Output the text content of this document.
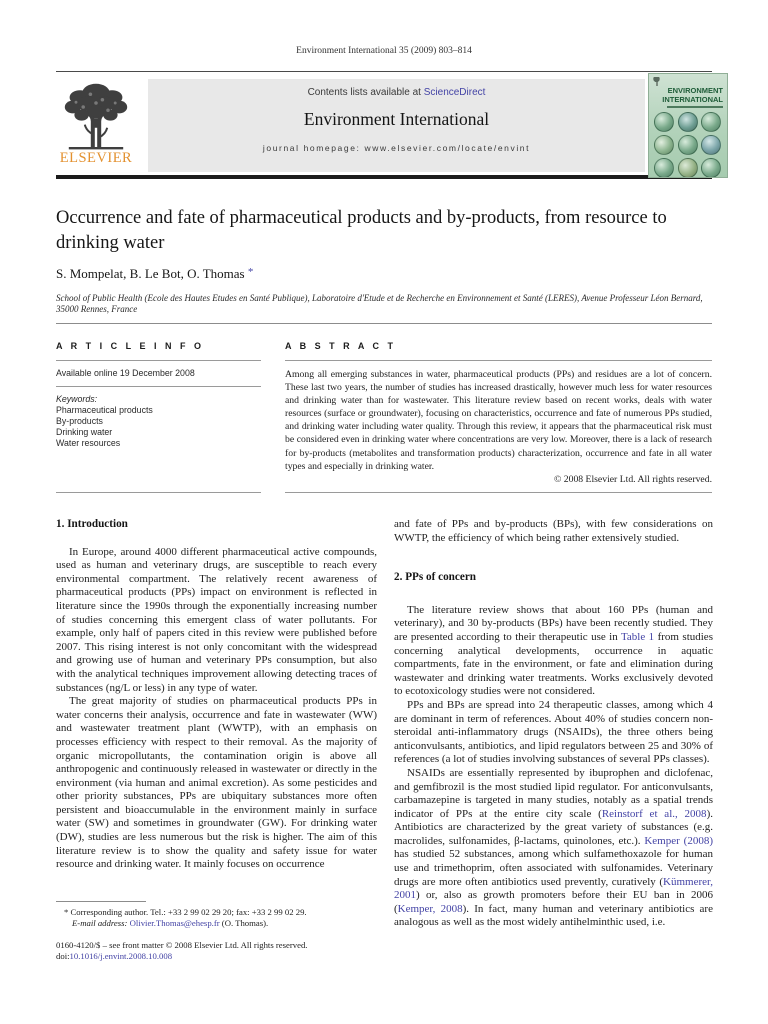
Environment International 35 (2009) 803–814
ELSEVIER
Contents lists available at ScienceDirect
Environment International
journal homepage: www.elsevier.com/locate/envint
ENVIRONMENT
INTERNATIONAL
Occurrence and fate of pharmaceutical products and by-products, from resource to drinking water
S. Mompelat, B. Le Bot, O. Thomas *
School of Public Health (Ecole des Hautes Etudes en Santé Publique), Laboratoire d'Etude et de Recherche en Environnement et Santé (LERES), Avenue Professeur Léon Bernard, 35000 Rennes, France
A R T I C L E I N F O
Available online 19 December 2008
Keywords:
Pharmaceutical products
By-products
Drinking water
Water resources
A B S T R A C T
Among all emerging substances in water, pharmaceutical products (PPs) and residues are a lot of concern. These last two years, the number of studies has increased drastically, however much less for water resources and drinking water than for wastewater. This literature review based on recent works, deals with water resources (surface or groundwater), focusing on characteristics, occurrence and fate of numerous PPs studied, and drinking water including water quality. Through this review, it appears that the pharmaceutical risk must be considered even in drinking water where concentrations are very low. Moreover, there is a lack of research for by-products (metabolites and transformation products) characterization, occurrence and fate in all water types and especially in drinking water.
© 2008 Elsevier Ltd. All rights reserved.
1. Introduction
In Europe, around 4000 different pharmaceutical active compounds, used as human and veterinary drugs, are susceptible to reach every environmental compartment. The relatively recent awareness of pharmaceutical products (PPs) impact on environment is reflected in literature since the 1990s through the exponentially increasing number of studies concerning this emergent class of water pollutants. For example, only half of papers cited in this review were published before 2007. This rising interest is not only concomitant with the widespread and growing use of human and veterinary PPs consumption, but also with the analytical techniques improvement allowing detecting traces of substances (ng/L or less) in any type of water.
The great majority of studies on pharmaceutical products PPs in water concerns their analysis, occurrence and fate in wastewater (WW) and wastewater treatment plant (WWTP), with an emphasis on processes efficiency with respect to their removal. As the majority of organic micropollutants, the contamination origin is above all anthropogenic and continuously released in wastewater or directly in the environment (via human and animal excretion). As some pesticides and other priority substances, PPs are ubiquitary substances more often persistent and bioaccumulable in the environment mainly in surface water (SW) and sometimes in groundwater (GW). For drinking water (DW), studies are less numerous but the risk is higher. The aim of this literature review is to show the quality and safety issue for water resource and drinking water. It mainly focuses on occurrence
and fate of PPs and by-products (BPs), with few considerations on WWTP, the efficiency of which being rather extensively studied.
2. PPs of concern
The literature review shows that about 160 PPs (human and veterinary), and 30 by-products (BPs) have been recently studied. They are presented according to their therapeutic use in Table 1 from studies concerning analytical developments, occurrence in aquatic compartments, fate in the environment, or fate and elimination during wastewater and drinking water treatments. Works exclusively devoted to ecotoxicology studies were not considered.
PPs and BPs are spread into 24 therapeutic classes, among which 4 are dominant in term of references. About 40% of studies concern non-steroidal anti-inflammatory drugs (NSAIDs), the three others being anticonvulsants, antibiotics, and lipid regulators between 25 and 30% of references (a lot of studies involving substances of several PPs classes).
NSAIDs are essentially represented by ibuprophen and diclofenac, and gemfibrozil is the most studied lipid regulator. For anticonvulsants, carbamazepine is targeted in many studies, notably as a spatial trends indicator of PPs at the entire city scale (Reinstorf et al., 2008). Antibiotics are characterized by the great variety of substances (e.g. macrolides, sulfonamides, β-lactams, quinolones, etc.). Kemper (2008) has studied 52 substances, among which sulfamethoxazole for human use and trimethoprim, often associated with sulfonamides. Veterinary drugs are more often antibiotics used prevently, curatively (Kümmerer, 2001) or, also as growth promoters before their EU ban in 2006 (Kemper, 2008). In fact, many human and veterinary antibiotics are analogous as well as the most widely antihelminthic used, i.e.
* Corresponding author. Tel.: +33 2 99 02 29 20; fax: +33 2 99 02 29.
E-mail address: Olivier.Thomas@ehesp.fr (O. Thomas).
0160-4120/$ – see front matter © 2008 Elsevier Ltd. All rights reserved.
doi:10.1016/j.envint.2008.10.008
